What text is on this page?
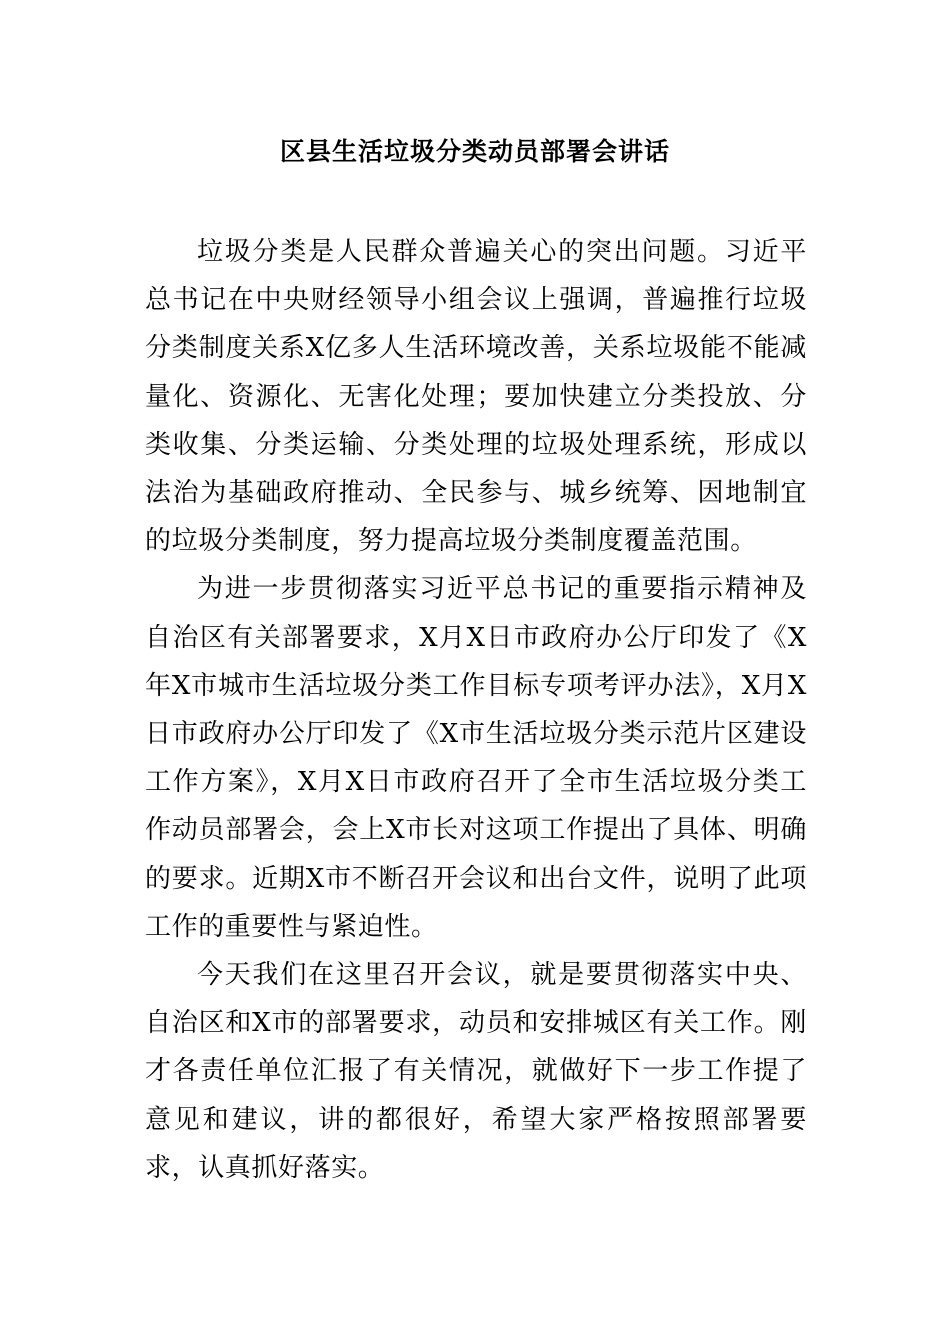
区县生活垃圾分类动员部署会讲话

垃圾分类是人民群众普遍关心的突出问题。习近平总书记在中央财经领导小组会议上强调，普遍推行垃圾分类制度关系X亿多人生活环境改善，关系垃圾能不能减量化、资源化、无害化处理；要加快建立分类投放、分类收集、分类运输、分类处理的垃圾处理系统，形成以法治为基础政府推动、全民参与、城乡统筹、因地制宜的垃圾分类制度，努力提高垃圾分类制度覆盖范围。

为进一步贯彻落实习近平总书记的重要指示精神及自治区有关部署要求，X月X日市政府办公厅印发了《X年X市城市生活垃圾分类工作目标专项考评办法》，X月X日市政府办公厅印发了《X市生活垃圾分类示范片区建设工作方案》，X月X日市政府召开了全市生活垃圾分类工作动员部署会，会上X市长对这项工作提出了具体、明确的要求。近期X市不断召开会议和出台文件，说明了此项工作的重要性与紧迫性。

今天我们在这里召开会议，就是要贯彻落实中央、自治区和X市的部署要求，动员和安排城区有关工作。刚才各责任单位汇报了有关情况，就做好下一步工作提了意见和建议，讲的都很好，希望大家严格按照部署要求，认真抓好落实。
